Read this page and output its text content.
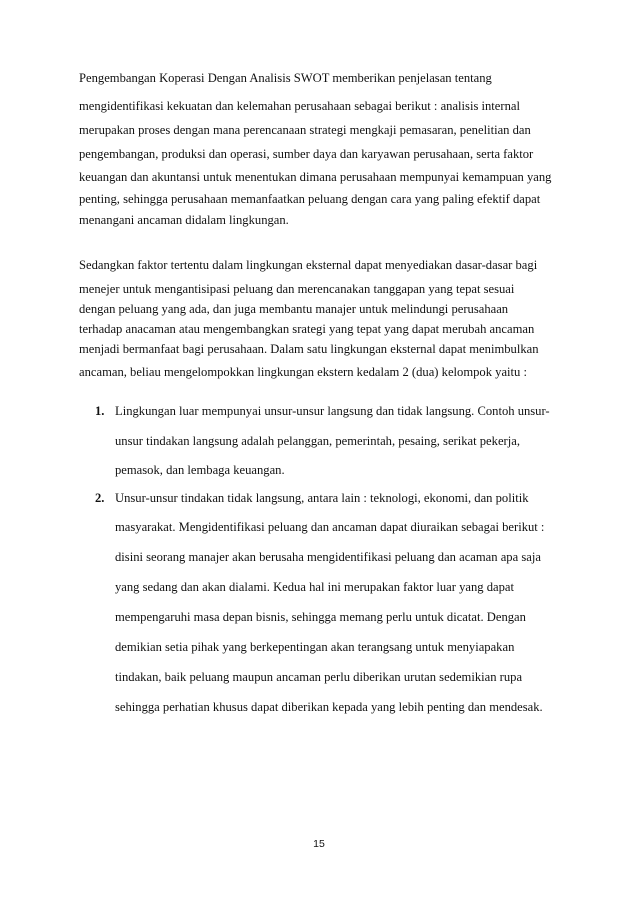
Pengembangan Koperasi Dengan Analisis SWOT memberikan penjelasan tentang
mengidentifikasi kekuatan dan kelemahan perusahaan sebagai berikut : analisis internal
merupakan proses dengan mana perencanaan strategi mengkaji pemasaran, penelitian dan
pengembangan, produksi dan operasi, sumber daya dan karyawan perusahaan, serta faktor
keuangan dan akuntansi untuk menentukan dimana perusahaan mempunyai kemampuan yang
penting, sehingga perusahaan memanfaatkan peluang dengan cara yang paling efektif dapat
menangani ancaman didalam lingkungan.
Sedangkan faktor tertentu dalam lingkungan eksternal dapat menyediakan dasar-dasar bagi
menejer untuk mengantisipasi peluang dan merencanakan tanggapan yang tepat sesuai
dengan peluang yang ada, dan juga membantu manajer untuk melindungi perusahaan
terhadap anacaman atau mengembangkan srategi yang tepat yang dapat merubah ancaman
menjadi bermanfaat bagi perusahaan. Dalam satu lingkungan eksternal dapat menimbulkan
ancaman, beliau mengelompokkan lingkungan ekstern kedalam 2 (dua) kelompok yaitu :
1. Lingkungan luar mempunyai unsur-unsur langsung dan tidak langsung. Contoh unsur-
unsur tindakan langsung adalah pelanggan, pemerintah, pesaing, serikat pekerja,
pemasok, dan lembaga keuangan.
2. Unsur-unsur tindakan tidak langsung, antara lain : teknologi, ekonomi, dan politik
masyarakat. Mengidentifikasi peluang dan ancaman dapat diuraikan sebagai berikut :
disini seorang manajer akan berusaha mengidentifikasi peluang dan acaman apa saja
yang sedang dan akan dialami. Kedua hal ini merupakan faktor luar yang dapat
mempengaruhi masa depan bisnis, sehingga memang perlu untuk dicatat. Dengan
demikian setia pihak yang berkepentingan akan terangsang untuk menyiapakan
tindakan, baik peluang maupun ancaman perlu diberikan urutan sedemikian rupa
sehingga perhatian khusus dapat diberikan kepada yang lebih penting dan mendesak.
15
